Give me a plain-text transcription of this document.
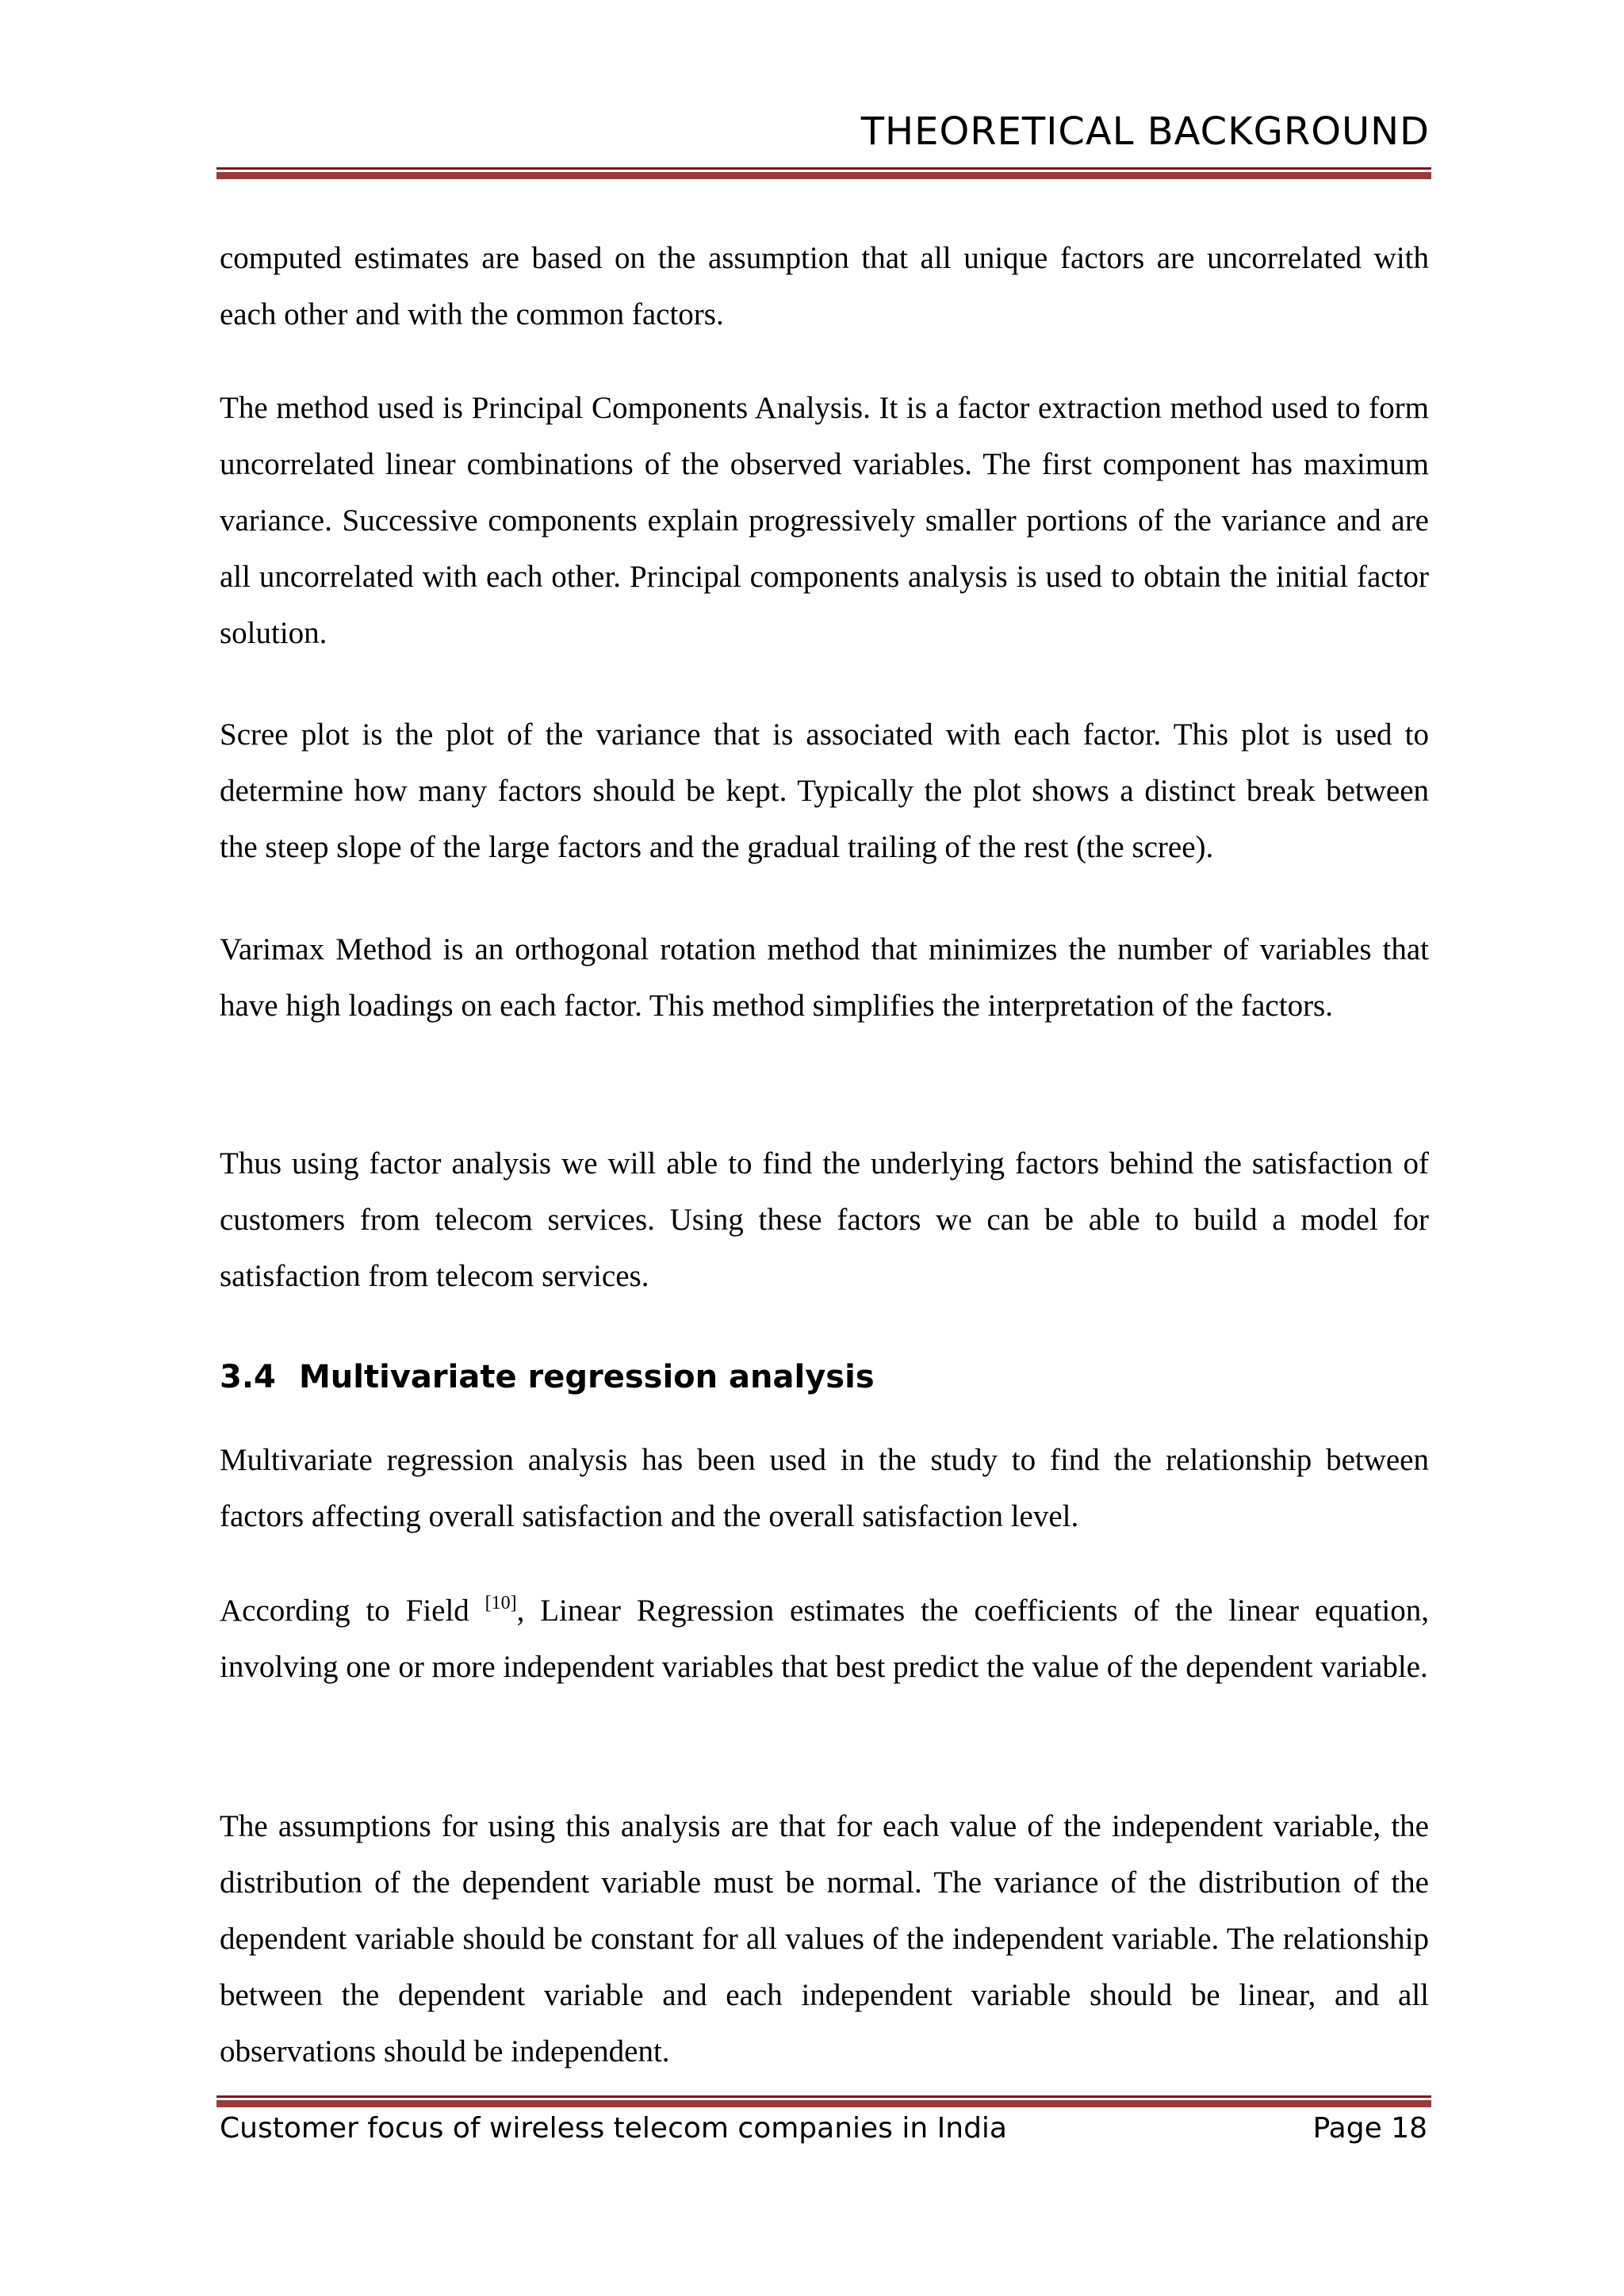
THEORETICAL BACKGROUND

computed estimates are based on the assumption that all unique factors are uncorrelated with each other and with the common factors.

The method used is Principal Components Analysis. It is a factor extraction method used to form uncorrelated linear combinations of the observed variables. The first component has maximum variance. Successive components explain progressively smaller portions of the variance and are all uncorrelated with each other. Principal components analysis is used to obtain the initial factor solution.

Scree plot is the plot of the variance that is associated with each factor. This plot is used to determine how many factors should be kept. Typically the plot shows a distinct break between the steep slope of the large factors and the gradual trailing of the rest (the scree).

Varimax Method is an orthogonal rotation method that minimizes the number of variables that have high loadings on each factor. This method simplifies the interpretation of the factors.

Thus using factor analysis we will able to find the underlying factors behind the satisfaction of customers from telecom services. Using these factors we can be able to build a model for satisfaction from telecom services.

3.4 Multivariate regression analysis

Multivariate regression analysis has been used in the study to find the relationship between factors affecting overall satisfaction and the overall satisfaction level.

According to Field [10], Linear Regression estimates the coefficients of the linear equation, involving one or more independent variables that best predict the value of the dependent variable.

The assumptions for using this analysis are that for each value of the independent variable, the distribution of the dependent variable must be normal. The variance of the distribution of the dependent variable should be constant for all values of the independent variable. The relationship between the dependent variable and each independent variable should be linear, and all observations should be independent.

Customer focus of wireless telecom companies in India	Page 18
